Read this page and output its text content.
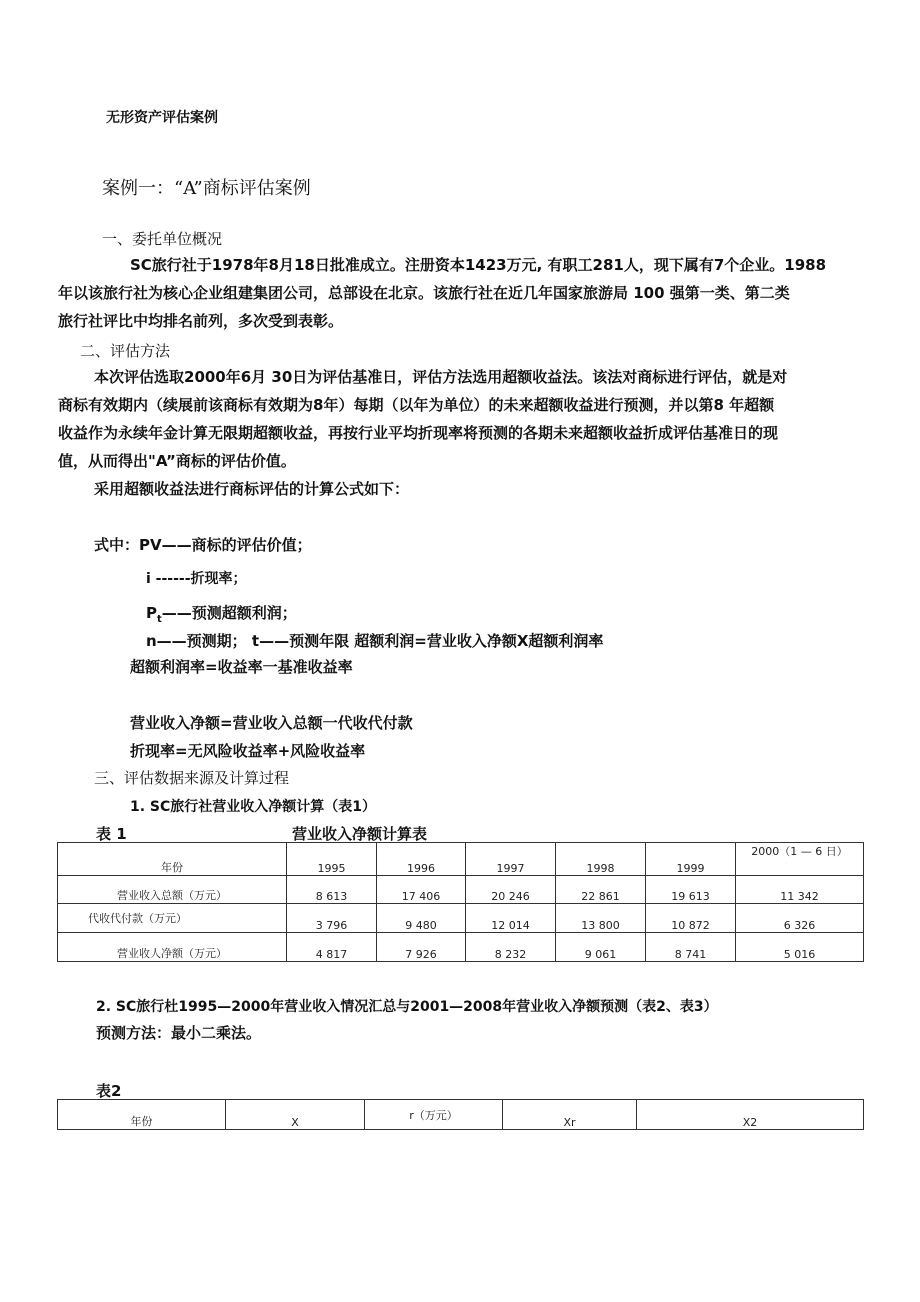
无形资产评估案例
案例一：“A”商标评估案例
一、委托单位概况
SC旅行社于1978年8月18日批准成立。注册资本1423万元, 有职工281人，现下属有7个企业。1988
年以该旅行社为核心企业组建集团公司，总部设在北京。该旅行社在近几年国家旅游局 100 强第一类、第二类
旅行社评比中均排名前列，多次受到表彰。
二、评估方法
本次评估选取2000年6月 30日为评估基准日，评估方法选用超额收益法。该法对商标进行评估，就是对
商标有效期内（续展前该商标有效期为8年）每期（以年为单位）的未来超额收益进行预测，并以第8 年超额
收益作为永续年金计算无限期超额收益，再按行业平均折现率将预测的各期未来超额收益折成评估基准日的现
值，从而得出"A”商标的评估价值。
采用超额收益法进行商标评估的计算公式如下：
式中：PV——商标的评估价值；
i ------折现率；
$P_t——$预测超额利润；
n——预测期； t——预测年限 超额利润=营业收入净额X超额利润率
超额利润率=收益率一基准收益率
营业收入净额=营业收入总额一代收代付款
折现率=无风险收益率+风险收益率
三、评估数据来源及计算过程
1. SC旅行社营业收入净额计算（表1）
表 1	营业收入净额计算表
年份	1995	1996	1997	1998	1999	2000（1 — 6 日）
营业收入总额（万元）	8 613	17 406	20 246	22 861	19 613	11 342
代收代付款（万元）	3 796	9 480	12 014	13 800	10 872	6 326
营业收人净额（万元）	4 817	7 926	8 232	9 061	8 741	5 016
2. SC旅行杜1995—2000年营业收入情况汇总与2001—2008年营业收入净额预测（表2、表3）
预测方法：最小二乘法。
表2
年份	X	r（万元）	Xr	X2
